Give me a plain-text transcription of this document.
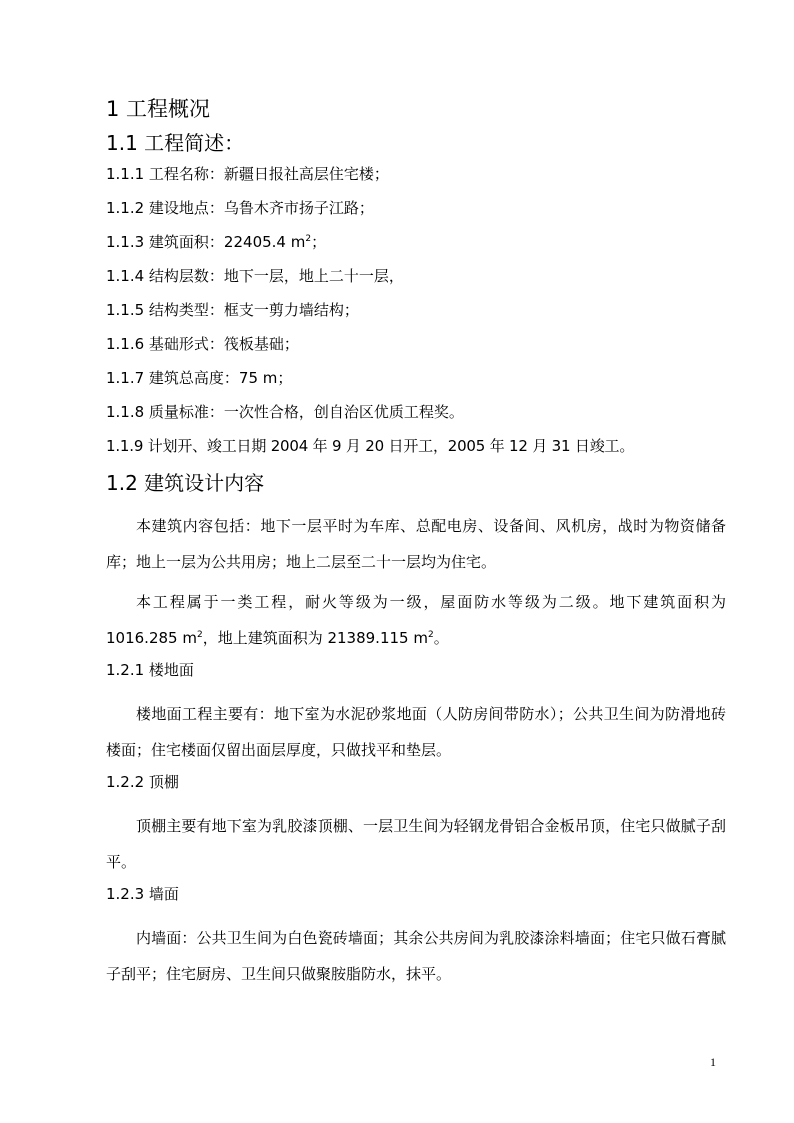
1 工程概况
1.1 工程简述：
1.1.1 工程名称：新疆日报社高层住宅楼；
1.1.2 建设地点：乌鲁木齐市扬子江路；
1.1.3 建筑面积：22405.4 $m^2$；
1.1.4 结构层数：地下一层，地上二十一层，
1.1.5 结构类型：框支一剪力墙结构；
1.1.6 基础形式：筏板基础；
1.1.7 建筑总高度：75 m；
1.1.8 质量标准：一次性合格，创自治区优质工程奖。
1.1.9 计划开、竣工日期 2004 年 9 月 20 日开工，2005 年 12 月 31 日竣工。
1.2 建筑设计内容
本建筑内容包括：地下一层平时为车库、总配电房、设备间、风机房，战时为物资储备库；地上一层为公共用房；地上二层至二十一层均为住宅。
本工程属于一类工程，耐火等级为一级，屋面防水等级为二级。地下建筑面积为 1016.285 $m^2$，地上建筑面积为 21389.115 $m^2$。
1.2.1 楼地面
楼地面工程主要有：地下室为水泥砂浆地面（人防房间带防水）；公共卫生间为防滑地砖楼面；住宅楼面仅留出面层厚度，只做找平和垫层。
1.2.2 顶棚
顶棚主要有地下室为乳胶漆顶棚、一层卫生间为轻钢龙骨铝合金板吊顶，住宅只做腻子刮平。
1.2.3 墙面
内墙面：公共卫生间为白色瓷砖墙面；其余公共房间为乳胶漆涂料墙面；住宅只做石膏腻子刮平；住宅厨房、卫生间只做聚胺脂防水，抹平。
1
